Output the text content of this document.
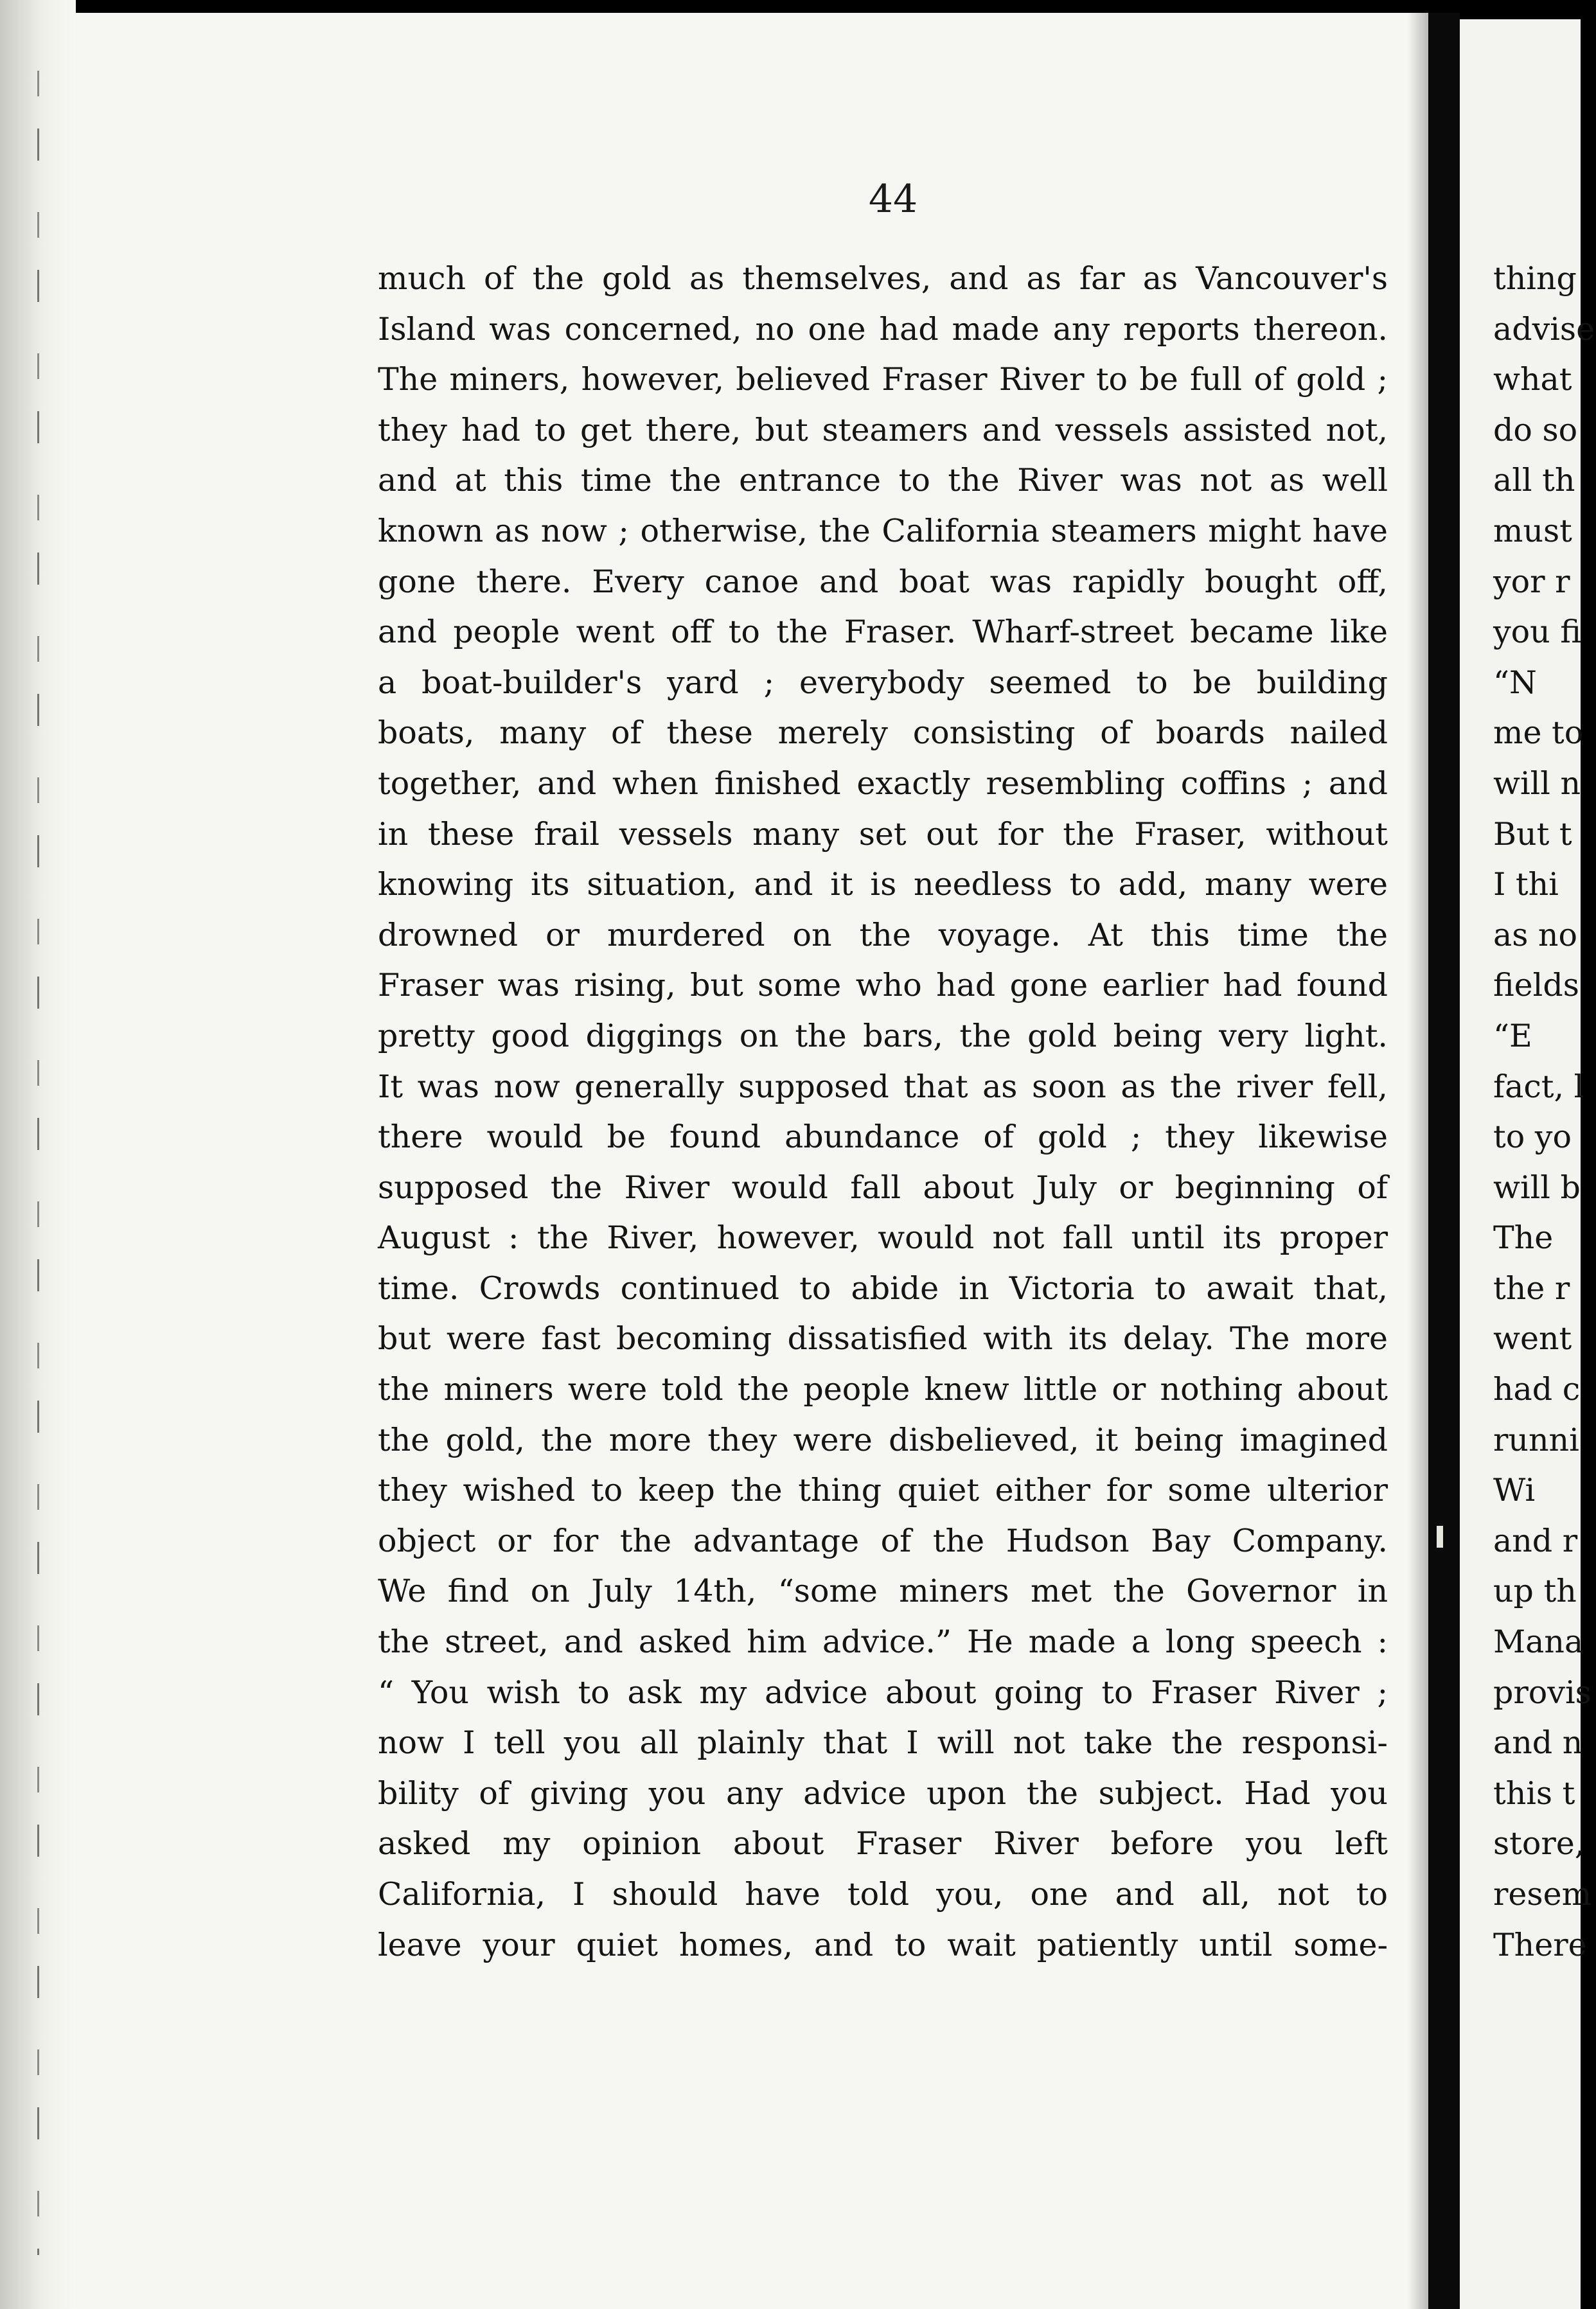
44
much of the gold as themselves, and as far as Vancouver's
Island was concerned, no one had made any reports thereon.
The miners, however, believed Fraser River to be full of gold ;
they had to get there, but steamers and vessels assisted not,
and at this time the entrance to the River was not as well
known as now ; otherwise, the California steamers might have
gone there. Every canoe and boat was rapidly bought off,
and people went off to the Fraser. Wharf-street became like
a boat-builder's yard ; everybody seemed to be building
boats, many of these merely consisting of boards nailed
together, and when finished exactly resembling coffins ; and
in these frail vessels many set out for the Fraser, without
knowing its situation, and it is needless to add, many were
drowned or murdered on the voyage. At this time the
Fraser was rising, but some who had gone earlier had found
pretty good diggings on the bars, the gold being very light.
It was now generally supposed that as soon as the river fell,
there would be found abundance of gold ; they likewise
supposed the River would fall about July or beginning of
August : the River, however, would not fall until its proper
time. Crowds continued to abide in Victoria to await that,
but were fast becoming dissatisfied with its delay. The more
the miners were told the people knew little or nothing about
the gold, the more they were disbelieved, it being imagined
they wished to keep the thing quiet either for some ulterior
object or for the advantage of the Hudson Bay Company.
We find on July 14th, “some miners met the Governor in
the street, and asked him advice.” He made a long speech :
“ You wish to ask my advice about going to Fraser River ;
now I tell you all plainly that I will not take the responsi-
bility of giving you any advice upon the subject. Had you
asked my opinion about Fraser River before you left
California, I should have told you, one and all, not to
leave your quiet homes, and to wait patiently until some-
thing
advise
what
do so
all th
must
yor r
you fi
“N
me to
will n
But t
I thi
as no
fields
“E
fact, l
to yo
will b
The
the r
went
had c
runni
Wi
and r
up th
Mana
provis
and n
this t
store,
resem
There
